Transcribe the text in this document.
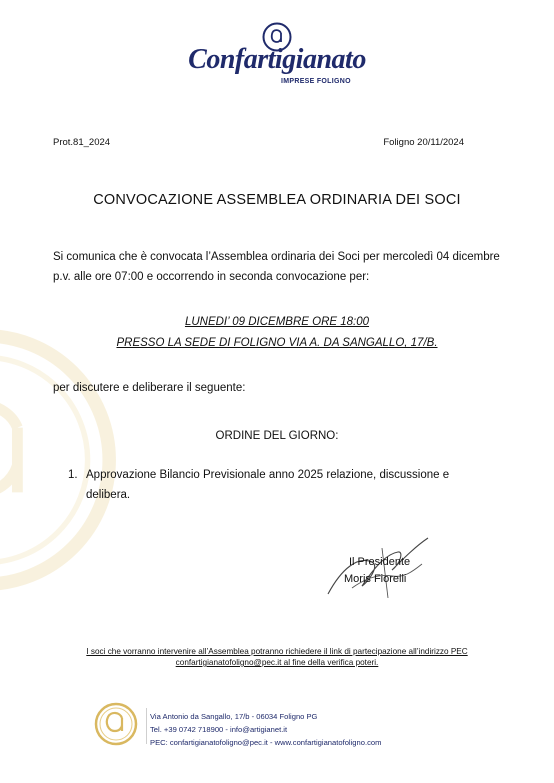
Confartigianato
IMPRESE FOLIGNO
Prot.81_2024	Foligno 20/11/2024
CONVOCAZIONE ASSEMBLEA ORDINARIA DEI SOCI
Si comunica che è convocata l’Assemblea ordinaria dei Soci per mercoledì 04 dicembre
p.v. alle ore 07:00 e occorrendo in seconda convocazione per:
LUNEDI’ 09 DICEMBRE ORE 18:00
PRESSO LA SEDE DI FOLIGNO VIA A. DA SANGALLO, 17/B.
per discutere e deliberare il seguente:
ORDINE DEL GIORNO:
1. Approvazione Bilancio Previsionale anno 2025 relazione, discussione e
delibera.
Il Presidente
Moris Fiorelli
I soci che vorranno intervenire all’Assemblea potranno richiedere il link di partecipazione all’indirizzo PEC
confartigianatofoligno@pec.it al fine della verifica poteri.
Via Antonio da Sangallo, 17/b - 06034 Foligno PG
Tel. +39 0742 718900 - info@artigianet.it
PEC: confartigianatofoligno@pec.it - www.confartigianatofoligno.com
